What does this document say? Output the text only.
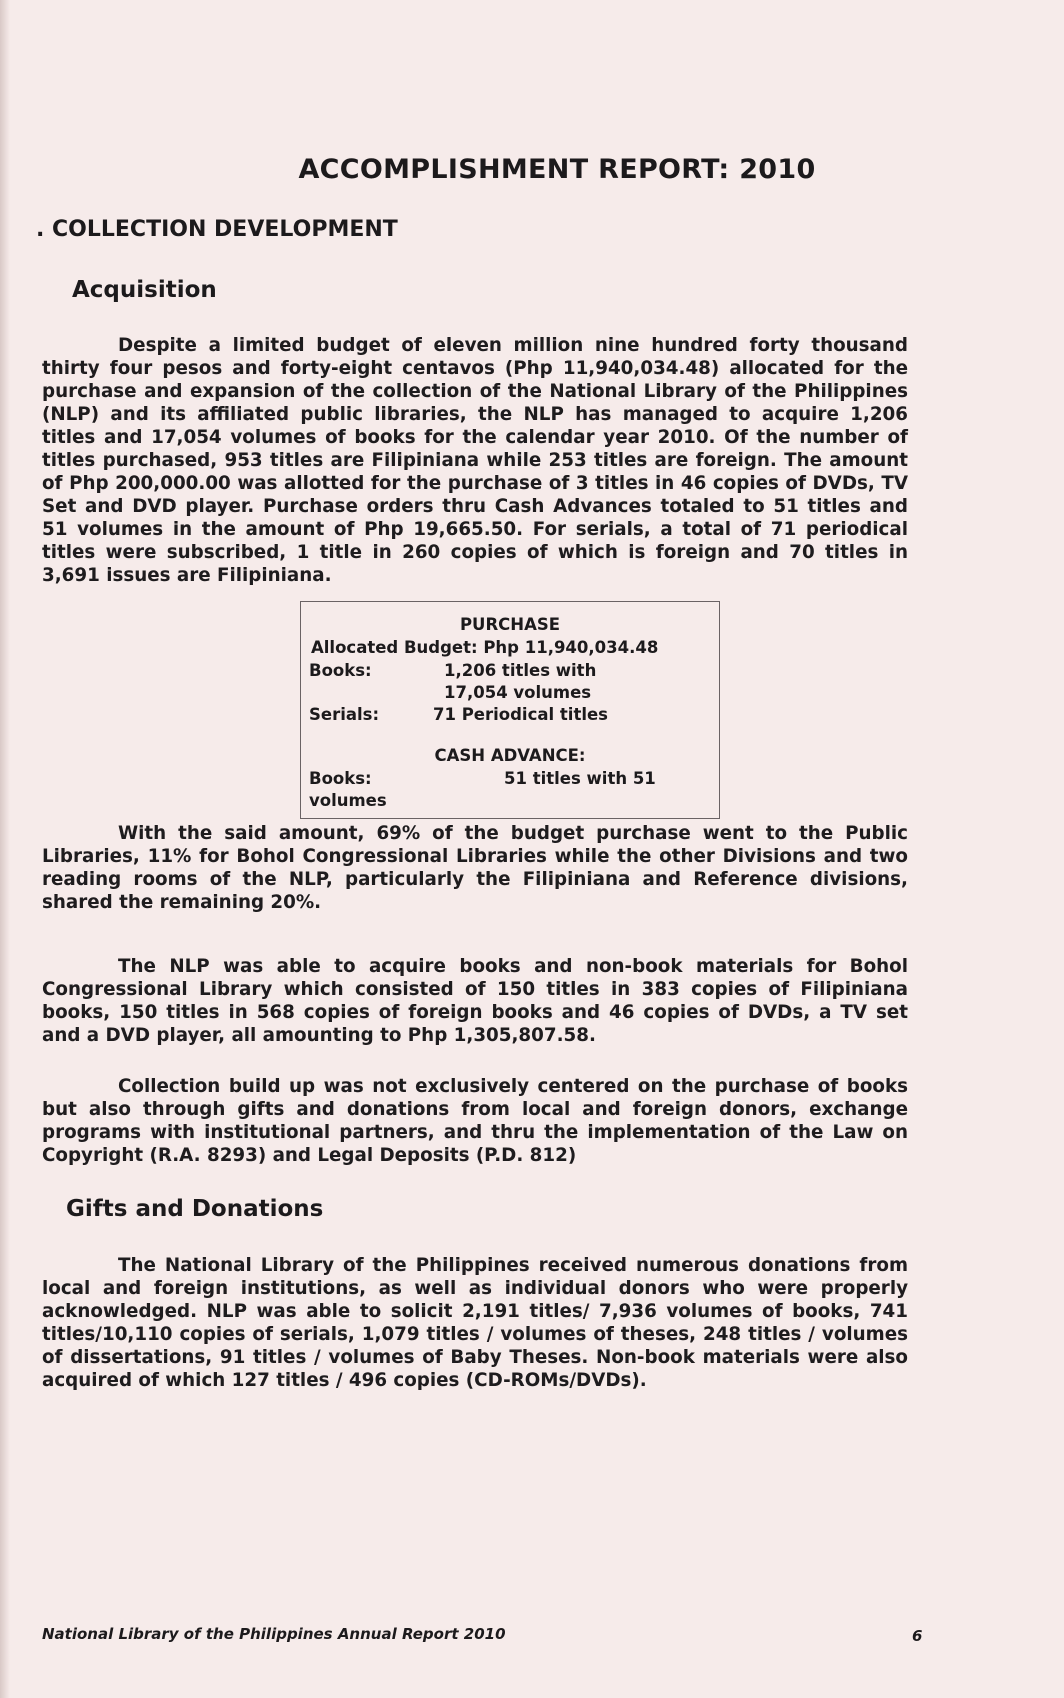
ACCOMPLISHMENT REPORT: 2010
. COLLECTION DEVELOPMENT
Acquisition

Despite a limited budget of eleven million nine hundred forty thousand thirty four pesos and forty-eight centavos (Php 11,940,034.48) allocated for the purchase and expansion of the collection of the National Library of the Philippines (NLP) and its affiliated public libraries, the NLP has managed to acquire 1,206 titles and 17,054 volumes of books for the calendar year 2010. Of the number of titles purchased, 953 titles are Filipiniana while 253 titles are foreign. The amount of Php 200,000.00 was allotted for the purchase of 3 titles in 46 copies of DVDs, TV Set and DVD player. Purchase orders thru Cash Advances totaled to 51 titles and 51 volumes in the amount of Php 19,665.50. For serials, a total of 71 periodical titles were subscribed, 1 title in 260 copies of which is foreign and 70 titles in 3,691 issues are Filipiniana.

PURCHASE
Allocated Budget: Php 11,940,034.48
Books:	1,206 titles with
17,054 volumes
Serials:	71 Periodical titles
CASH ADVANCE:
Books:	51 titles with 51
volumes

With the said amount, 69% of the budget purchase went to the Public Libraries, 11% for Bohol Congressional Libraries while the other Divisions and two reading rooms of the NLP, particularly the Filipiniana and Reference divisions, shared the remaining 20%.

The NLP was able to acquire books and non-book materials for Bohol Congressional Library which consisted of 150 titles in 383 copies of Filipiniana books, 150 titles in 568 copies of foreign books and 46 copies of DVDs, a TV set and a DVD player, all amounting to Php 1,305,807.58.

Collection build up was not exclusively centered on the purchase of books but also through gifts and donations from local and foreign donors, exchange programs with institutional partners, and thru the implementation of the Law on Copyright (R.A. 8293) and Legal Deposits (P.D. 812)

Gifts and Donations

The National Library of the Philippines received numerous donations from local and foreign institutions, as well as individual donors who were properly acknowledged. NLP was able to solicit 2,191 titles/ 7,936 volumes of books, 741 titles/10,110 copies of serials, 1,079 titles / volumes of theses, 248 titles / volumes of dissertations, 91 titles / volumes of Baby Theses. Non-book materials were also acquired of which 127 titles / 496 copies (CD-ROMs/DVDs).

National Library of the Philippines Annual Report 2010	6
